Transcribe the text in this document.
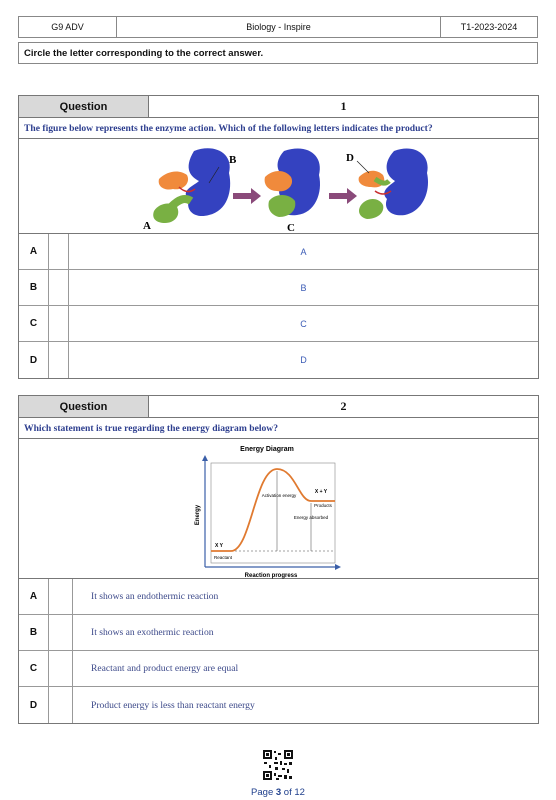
G9 ADV	Biology - Inspire	T1-2023-2024
Circle the letter corresponding to the correct answer.
Question	1
The figure below represents the enzyme action. Which of the following letters indicates the product?
B
A	C
D
A	A
B	B
C	C
D	D
Question	2
Which statement is true regarding the energy diagram below?
Energy Diagram
Energy
Reaction progress
Activation energy
Energy absorbed
X Y
Reactant
X + Y
Products
A	It shows an endothermic reaction
B	It shows an exothermic reaction
C	Reactant and product energy are equal
D	Product energy is less than reactant energy
Page 3 of 12
